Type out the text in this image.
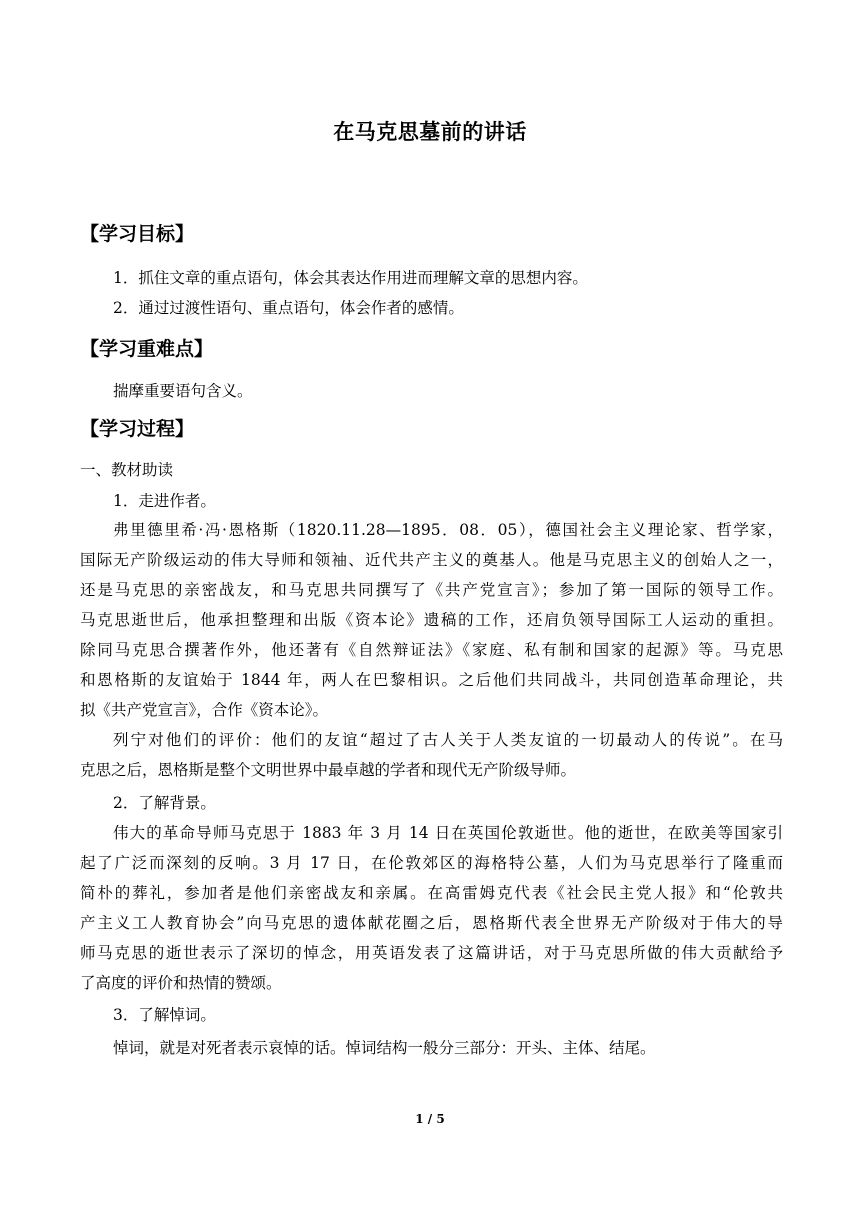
在马克思墓前的讲话
【学习目标】
1．抓住文章的重点语句，体会其表达作用进而理解文章的思想内容。
2．通过过渡性语句、重点语句，体会作者的感情。
【学习重难点】
揣摩重要语句含义。
【学习过程】
一、教材助读
1．走进作者。
弗里德里希·冯·恩格斯（1820.11.28—1895．08．05），德国社会主义理论家、哲学家，
国际无产阶级运动的伟大导师和领袖、近代共产主义的奠基人。他是马克思主义的创始人之一，
还是马克思的亲密战友，和马克思共同撰写了《共产党宣言》；参加了第一国际的领导工作。
马克思逝世后，他承担整理和出版《资本论》遗稿的工作，还肩负领导国际工人运动的重担。
除同马克思合撰著作外，他还著有《自然辩证法》《家庭、私有制和国家的起源》等。马克思
和恩格斯的友谊始于 1844 年，两人在巴黎相识。之后他们共同战斗，共同创造革命理论，共
拟《共产党宣言》，合作《资本论》。
列宁对他们的评价：他们的友谊“超过了古人关于人类友谊的一切最动人的传说”。在马
克思之后，恩格斯是整个文明世界中最卓越的学者和现代无产阶级导师。
2．了解背景。
伟大的革命导师马克思于 1883 年 3 月 14 日在英国伦敦逝世。他的逝世，在欧美等国家引
起了广泛而深刻的反响。3 月 17 日，在伦敦郊区的海格特公墓，人们为马克思举行了隆重而
简朴的葬礼，参加者是他们亲密战友和亲属。在高雷姆克代表《社会民主党人报》和“伦敦共
产主义工人教育协会”向马克思的遗体献花圈之后，恩格斯代表全世界无产阶级对于伟大的导
师马克思的逝世表示了深切的悼念，用英语发表了这篇讲话，对于马克思所做的伟大贡献给予
了高度的评价和热情的赞颂。
3．了解悼词。
悼词，就是对死者表示哀悼的话。悼词结构一般分三部分：开头、主体、结尾。
1 / 5
